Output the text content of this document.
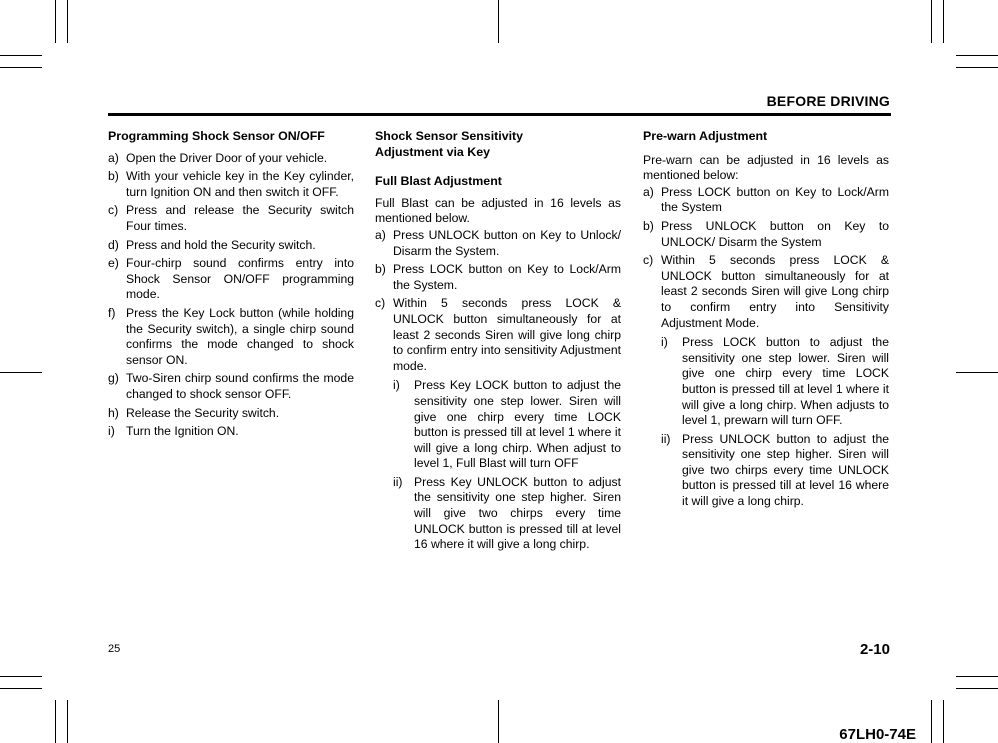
BEFORE DRIVING
Programming Shock Sensor ON/OFF
a) Open the Driver Door of your vehicle.
b) With your vehicle key in the Key cylinder, turn Ignition ON and then switch it OFF.
c) Press and release the Security switch Four times.
d) Press and hold the Security switch.
e) Four-chirp sound confirms entry into Shock Sensor ON/OFF programming mode.
f) Press the Key Lock button (while holding the Security switch), a single chirp sound confirms the mode changed to shock sensor ON.
g) Two-Siren chirp sound confirms the mode changed to shock sensor OFF.
h) Release the Security switch.
i) Turn the Ignition ON.
Shock Sensor Sensitivity
Adjustment via Key
Full Blast Adjustment

Full Blast can be adjusted in 16 levels as mentioned below.

a) Press UNLOCK button on Key to Unlock/ Disarm the System.
b) Press LOCK button on Key to Lock/Arm the System.
c) Within 5 seconds press LOCK & UNLOCK button simultaneously for at least 2 seconds Siren will give long chirp to confirm entry into sensitivity Adjustment mode.
i) Press Key LOCK button to adjust the sensitivity one step lower. Siren will give one chirp every time LOCK button is pressed till at level 1 where it will give a long chirp. When adjust to level 1, Full Blast will turn OFF
ii) Press Key UNLOCK button to adjust the sensitivity one step higher. Siren will give two chirps every time UNLOCK button is pressed till at level 16 where it will give a long chirp.
Pre-warn Adjustment

Pre-warn can be adjusted in 16 levels as mentioned below:

a) Press LOCK button on Key to Lock/Arm the System
b) Press UNLOCK button on Key to UNLOCK/ Disarm the System
c) Within 5 seconds press LOCK & UNLOCK button simultaneously for at least 2 seconds Siren will give Long chirp to confirm entry into Sensitivity Adjustment Mode.
i) Press LOCK button to adjust the sensitivity one step lower. Siren will give one chirp every time LOCK button is pressed till at level 1 where it will give a long chirp. When adjusts to level 1, prewarn will turn OFF.
ii) Press UNLOCK button to adjust the sensitivity one step higher. Siren will give two chirps every time UNLOCK button is pressed till at level 16 where it will give a long chirp.
25	2-10
67LH0-74E
